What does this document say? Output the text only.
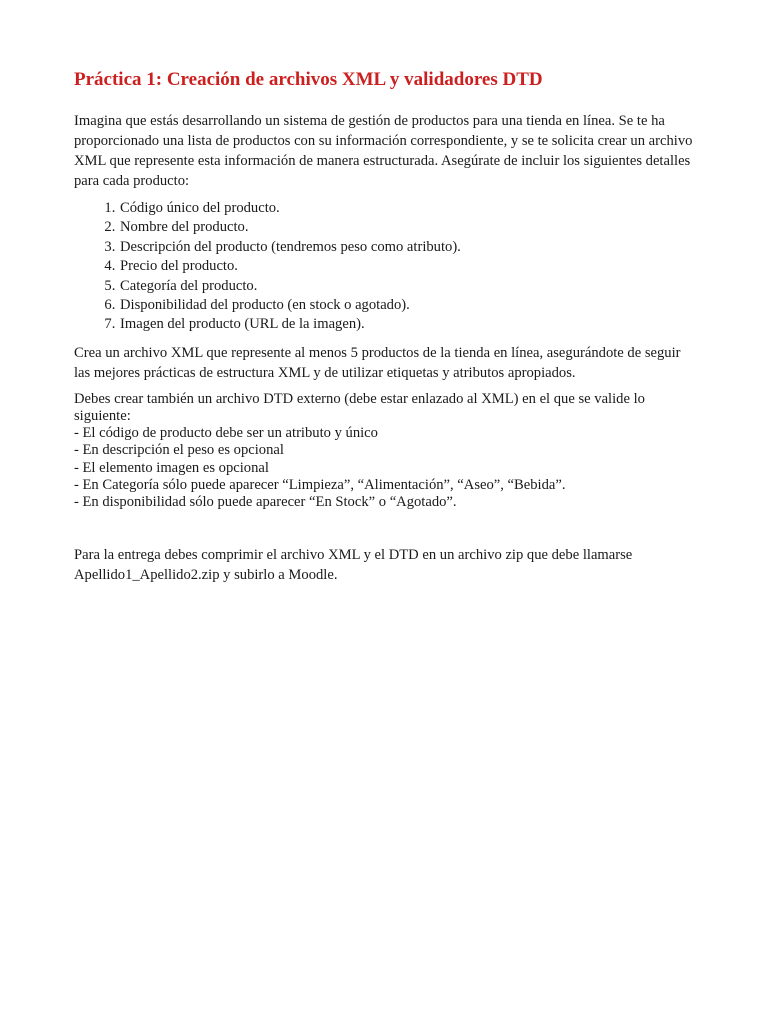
Práctica 1: Creación de archivos XML y validadores DTD

Imagina que estás desarrollando un sistema de gestión de productos para una tienda en línea. Se te ha proporcionado una lista de productos con su información correspondiente, y se te solicita crear un archivo XML que represente esta información de manera estructurada. Asegúrate de incluir los siguientes detalles para cada producto:

1. Código único del producto.
2. Nombre del producto.
3. Descripción del producto (tendremos peso como atributo).
4. Precio del producto.
5. Categoría del producto.
6. Disponibilidad del producto (en stock o agotado).
7. Imagen del producto (URL de la imagen).

Crea un archivo XML que represente al menos 5 productos de la tienda en línea, asegurándote de seguir las mejores prácticas de estructura XML y de utilizar etiquetas y atributos apropiados.

Debes crear también un archivo DTD externo (debe estar enlazado al XML) en el que se valide lo siguiente:
- El código de producto debe ser un atributo y único
- En descripción el peso es opcional
- El elemento imagen es opcional
- En Categoría sólo puede aparecer “Limpieza”, “Alimentación”, “Aseo”, “Bebida”.
- En disponibilidad sólo puede aparecer “En Stock” o “Agotado”.

Para la entrega debes comprimir el archivo XML y el DTD en un archivo zip que debe llamarse Apellido1_Apellido2.zip y subirlo a Moodle.
